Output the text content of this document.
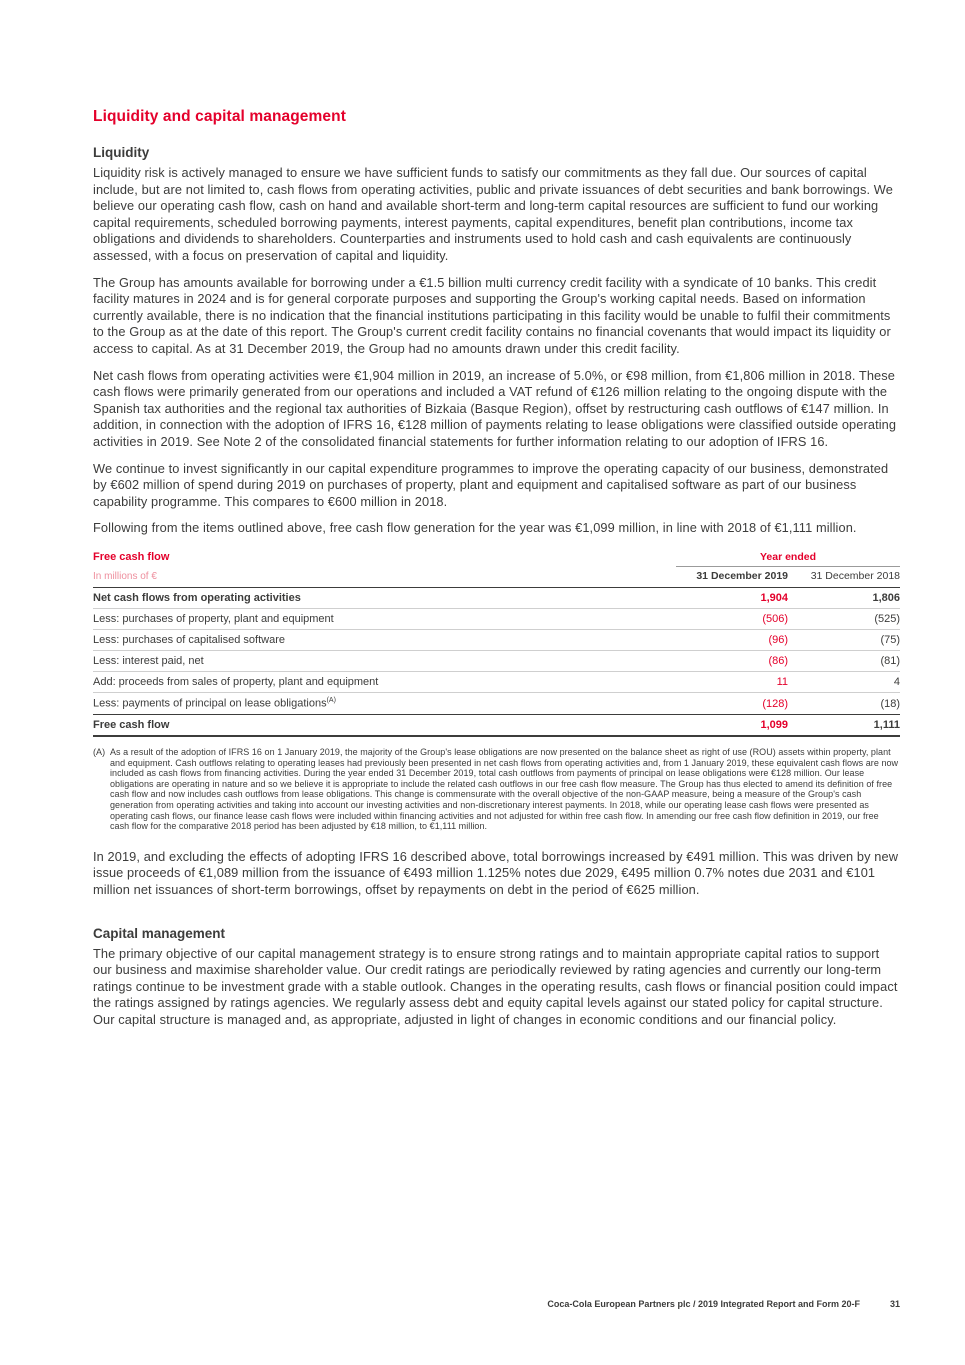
Liquidity and capital management
Liquidity

Liquidity risk is actively managed to ensure we have sufficient funds to satisfy our commitments as they fall due. Our sources of capital include, but are not limited to, cash flows from operating activities, public and private issuances of debt securities and bank borrowings. We believe our operating cash flow, cash on hand and available short-term and long-term capital resources are sufficient to fund our working capital requirements, scheduled borrowing payments, interest payments, capital expenditures, benefit plan contributions, income tax obligations and dividends to shareholders. Counterparties and instruments used to hold cash and cash equivalents are continuously assessed, with a focus on preservation of capital and liquidity.

The Group has amounts available for borrowing under a €1.5 billion multi currency credit facility with a syndicate of 10 banks. This credit facility matures in 2024 and is for general corporate purposes and supporting the Group's working capital needs. Based on information currently available, there is no indication that the financial institutions participating in this facility would be unable to fulfil their commitments to the Group as at the date of this report. The Group's current credit facility contains no financial covenants that would impact its liquidity or access to capital. As at 31 December 2019, the Group had no amounts drawn under this credit facility.

Net cash flows from operating activities were €1,904 million in 2019, an increase of 5.0%, or €98 million, from €1,806 million in 2018. These cash flows were primarily generated from our operations and included a VAT refund of €126 million relating to the ongoing dispute with the Spanish tax authorities and the regional tax authorities of Bizkaia (Basque Region), offset by restructuring cash outflows of €147 million. In addition, in connection with the adoption of IFRS 16, €128 million of payments relating to lease obligations were classified outside operating activities in 2019. See Note 2 of the consolidated financial statements for further information relating to our adoption of IFRS 16.

We continue to invest significantly in our capital expenditure programmes to improve the operating capacity of our business, demonstrated by €602 million of spend during 2019 on purchases of property, plant and equipment and capitalised software as part of our business capability programme. This compares to €600 million in 2018.

Following from the items outlined above, free cash flow generation for the year was €1,099 million, in line with 2018 of €1,111 million.

Free cash flow	Year ended	
In millions of €	31 December 2019	31 December 2018
Net cash flows from operating activities	1,904	1,806
Less: purchases of property, plant and equipment	(506)	(525)
Less: purchases of capitalised software	(96)	(75)
Less: interest paid, net	(86)	(81)
Add: proceeds from sales of property, plant and equipment	11	4
Less: payments of principal on lease obligations$^{(A)}$	(128)	(18)
Free cash flow	1,099	1,111
(A) As a result of the adoption of IFRS 16 on 1 January 2019, the majority of the Group's lease obligations are now presented on the balance sheet as right of use (ROU) assets within property, plant and equipment. Cash outflows relating to operating leases had previously been presented in net cash flows from operating activities and, from 1 January 2019, these equivalent cash flows are now included as cash flows from financing activities. During the year ended 31 December 2019, total cash outflows from payments of principal on lease obligations were €128 million. Our lease obligations are operating in nature and so we believe it is appropriate to include the related cash outflows in our free cash flow measure. The Group has thus elected to amend its definition of free cash flow and now includes cash outflows from lease obligations. This change is commensurate with the overall objective of the non-GAAP measure, being a measure of the Group's cash generation from operating activities and taking into account our investing activities and non-discretionary interest payments. In 2018, while our operating lease cash flows were presented as operating cash flows, our finance lease cash flows were included within financing activities and not adjusted for within free cash flow. In amending our free cash flow definition in 2019, our free cash flow for the comparative 2018 period has been adjusted by €18 million, to €1,111 million.

In 2019, and excluding the effects of adopting IFRS 16 described above, total borrowings increased by €491 million. This was driven by new issue proceeds of €1,089 million from the issuance of €493 million 1.125% notes due 2029, €495 million 0.7% notes due 2031 and €101 million net issuances of short-term borrowings, offset by repayments on debt in the period of €625 million.

Capital management

The primary objective of our capital management strategy is to ensure strong ratings and to maintain appropriate capital ratios to support our business and maximise shareholder value. Our credit ratings are periodically reviewed by rating agencies and currently our long-term ratings continue to be investment grade with a stable outlook. Changes in the operating results, cash flows or financial position could impact the ratings assigned by ratings agencies. We regularly assess debt and equity capital levels against our stated policy for capital structure. Our capital structure is managed and, as appropriate, adjusted in light of changes in economic conditions and our financial policy.

Coca-Cola European Partners plc / 2019 Integrated Report and Form 20-F	31
